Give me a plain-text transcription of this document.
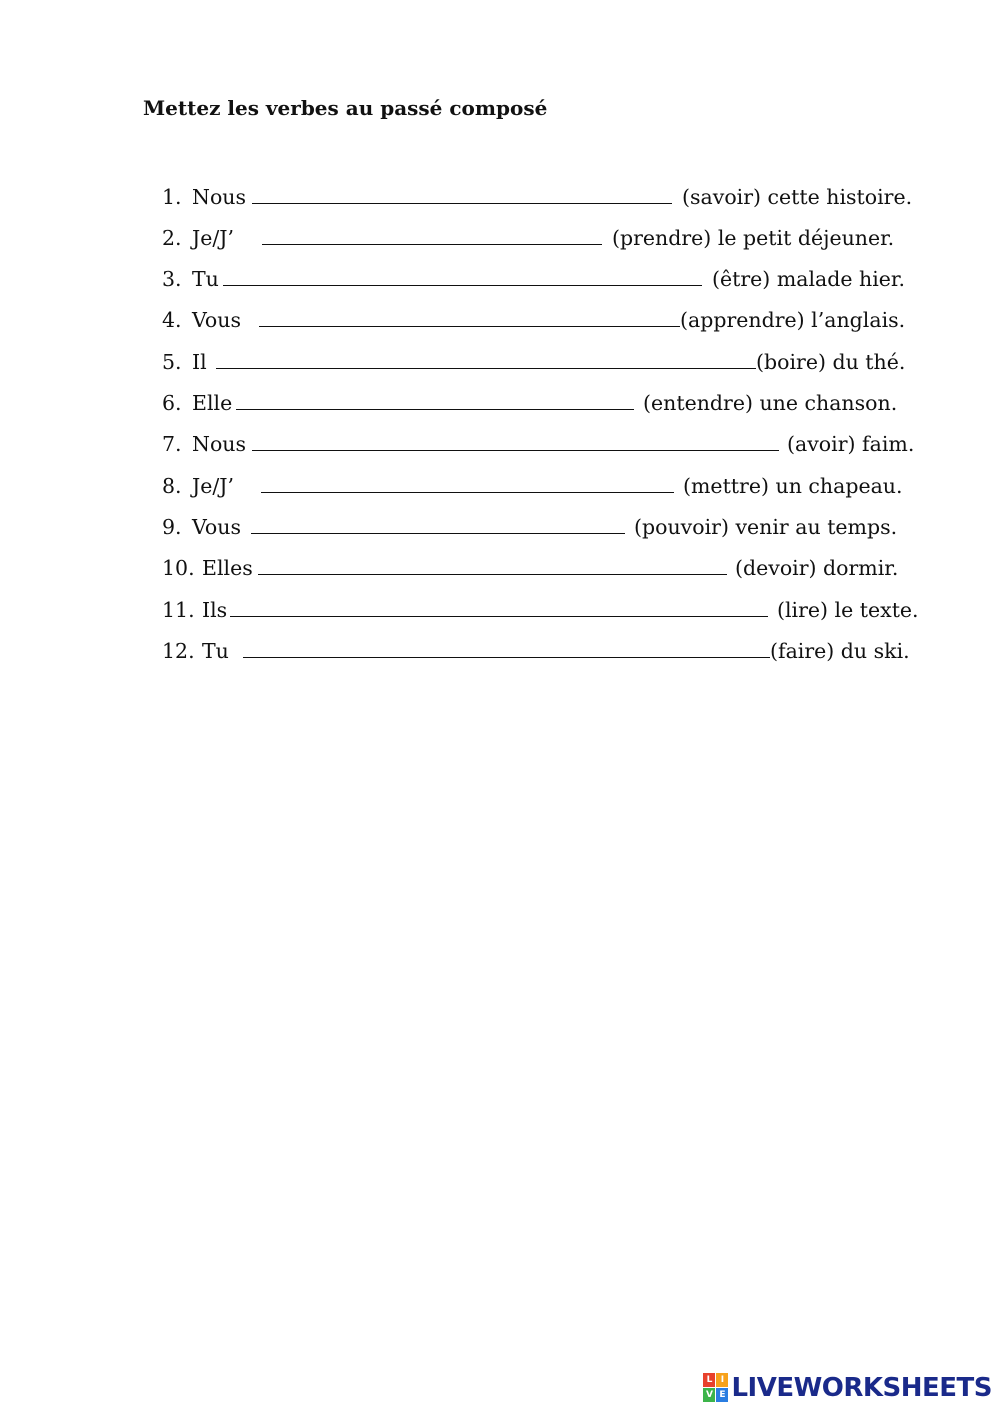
Mettez les verbes au passé composé
1. Nous	(savoir) cette histoire.
2. Je/J’	(prendre) le petit déjeuner.
3. Tu	(être) malade hier.
4. Vous	(apprendre) l’anglais.
5. Il	(boire) du thé.
6. Elle	(entendre) une chanson.
7. Nous	(avoir) faim.
8. Je/J’	(mettre) un chapeau.
9. Vous	(pouvoir) venir au temps.
10. Elles	(devoir) dormir.
11. Ils	(lire) le texte.
12. Tu	(faire) du ski.
L I
V E LIVEWORKSHEETS
